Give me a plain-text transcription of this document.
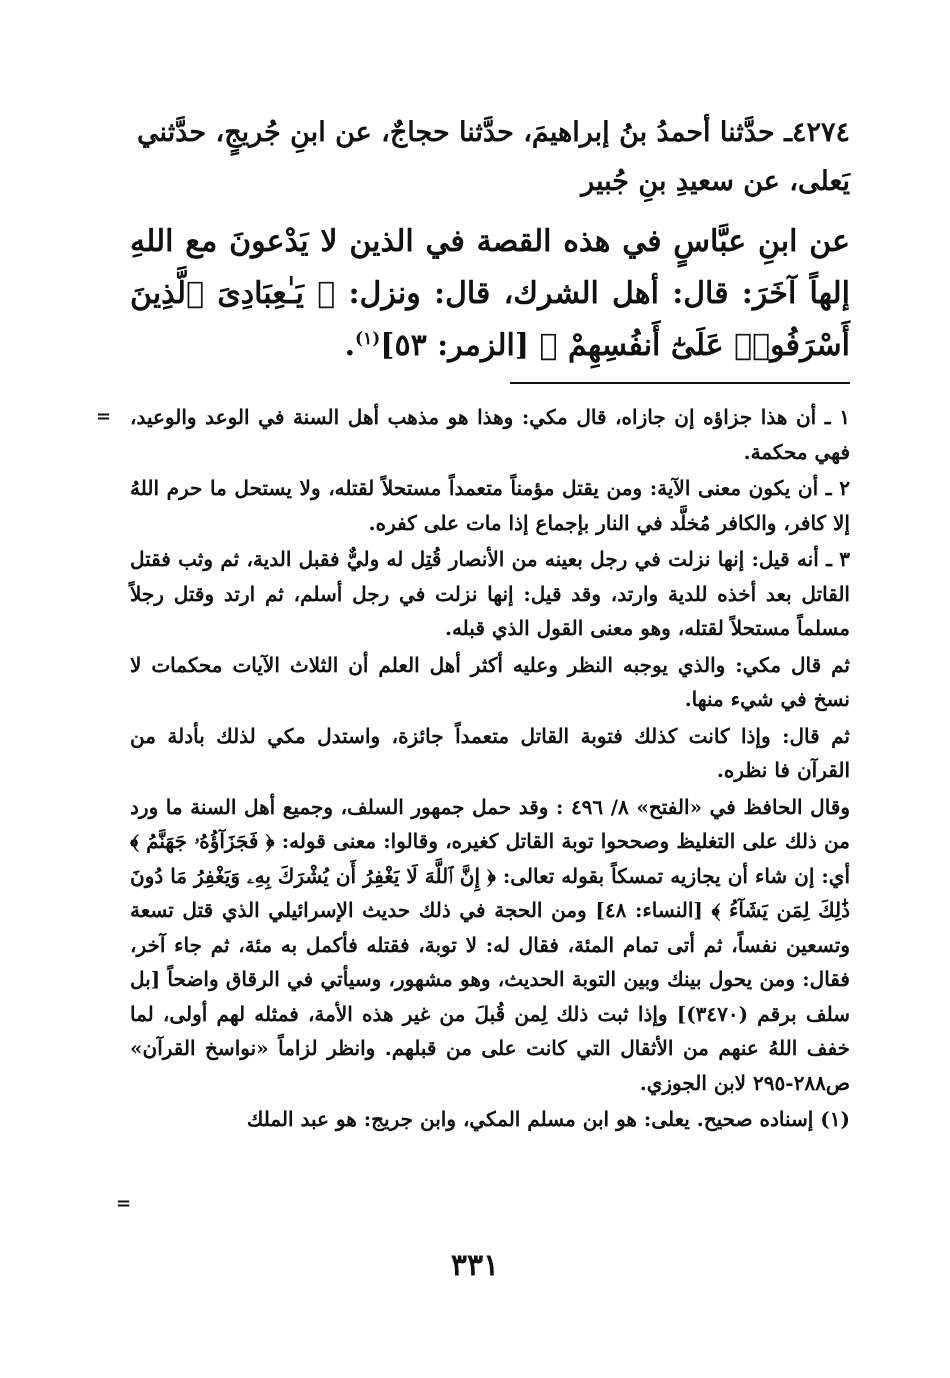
٤٢٧٤ـ حدَّثنا أحمدُ بنُ إبراهيمَ، حدَّثنا حجاجٌ، عن ابنِ جُريجٍ، حدَّثني

يَعلى، عن سعيدِ بنِ جُبير

عن ابنِ عبَّاسٍ في هذه القصة في الذين لا يَدْعونَ مع اللهِ إلهاً آخَرَ: قال: أهل الشرك، قال: ونزل: ﴿ يَـٰعِبَادِىَ ٱلَّذِينَ أَسْرَفُوا۟ عَلَىٰٓ أَنفُسِهِمْ ﴾ [الزمر: ٥٣]$^{(١)}$.

= ١ ـ أن هذا جزاؤه إن جازاه، قال مكي: وهذا هو مذهب أهل السنة في الوعد والوعيد، فهي محكمة.

٢ ـ أن يكون معنى الآية: ومن يقتل مؤمناً متعمداً مستحلاً لقتله، ولا يستحل ما حرم اللهُ إلا كافر، والكافر مُخلَّد في النار بإجماع إذا مات على كفره.

٣ ـ أنه قيل: إنها نزلت في رجل بعينه من الأنصار قُتِل له وليٌّ فقبل الدية، ثم وثب فقتل القاتل بعد أخذه للدية وارتد، وقد قيل: إنها نزلت في رجل أسلم، ثم ارتد وقتل رجلاً مسلماً مستحلاً لقتله، وهو معنى القول الذي قبله.

ثم قال مكي: والذي يوجبه النظر وعليه أكثر أهل العلم أن الثلاث الآيات محكمات لا نسخ في شيء منها.

ثم قال: وإذا كانت كذلك فتوبة القاتل متعمداً جائزة، واستدل مكي لذلك بأدلة من القرآن فا نظره.

وقال الحافظ في «الفتح» ٨/ ٤٩٦ : وقد حمل جمهور السلف، وجميع أهل السنة ما ورد من ذلك على التغليظ وصححوا توبة القاتل كغيره، وقالوا: معنى قوله: ﴿ فَجَزَآؤُهُۥ جَهَنَّمُ ﴾ أي: إن شاء أن يجازيه تمسكاً بقوله تعالى: ﴿ إِنَّ ٱللَّهَ لَا يَغْفِرُ أَن يُشْرَكَ بِهِۦ وَيَغْفِرُ مَا دُونَ ذَٰلِكَ لِمَن يَشَآءُ ﴾ [النساء: ٤٨] ومن الحجة في ذلك حديث الإسرائيلي الذي قتل تسعة وتسعين نفساً، ثم أتى تمام المئة، فقال له: لا توبة، فقتله فأكمل به مئة، ثم جاء آخر، فقال: ومن يحول بينك وبين التوبة الحديث، وهو مشهور، وسيأتي في الرقاق واضحاً [بل سلف برقم (٣٤٧٠)] وإذا ثبت ذلك لِمن قُبلَ من غير هذه الأمة، فمثله لهم أولى، لما خفف اللهُ عنهم من الأثقال التي كانت على من قبلهم. وانظر لزاماً «نواسخ القرآن» ص٢٨٨-٢٩٥ لابن الجوزي.

(١) إسناده صحيح. يعلى: هو ابن مسلم المكي، وابن جريج: هو عبد الملك

=
٣٣١
